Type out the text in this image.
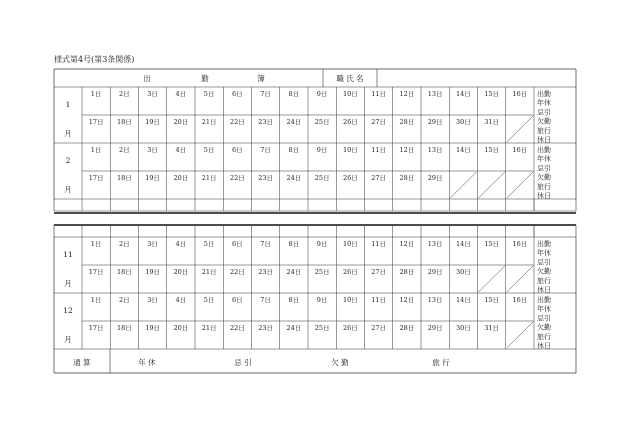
様式第4号(第3条関係)
出	勤	簿	職 氏 名
1日	2日	3日	4日	5日	6日	7日	8日	9日 10日 11日 12日 13日 14日 15日 16日
17日 18日 19日 20日 21日 22日 23日 24日 25日 26日 27日 28日 29日 30日 31日
1
月
出勤
年休
忌引
欠勤
旅行
休日
1日	2日	3日	4日	5日	6日	7日	8日	9日 10日 11日 12日 13日 14日 15日 16日
17日 18日 19日 20日 21日 22日 23日 24日 25日 26日 27日 28日 29日
2
月
出勤
年休
忌引
欠勤
旅行
休日
1日	2日	3日	4日	5日	6日	7日	8日	9日 10日 11日 12日 13日 14日 15日 16日
17日 18日 19日 20日 21日 22日 23日 24日 25日 26日 27日 28日 29日 30日
11
月
出勤
年休
忌引
欠勤
旅行
休日
1日	2日	3日	4日	5日	6日	7日	8日	9日 10日 11日 12日 13日 14日 15日 16日
17日 18日 19日 20日 21日 22日 23日 24日 25日 26日 27日 28日 29日 30日 31日
12
月
出勤
年休
忌引
欠勤
旅行
休日
通 算	年 休	忌 引	欠 勤	旅 行
